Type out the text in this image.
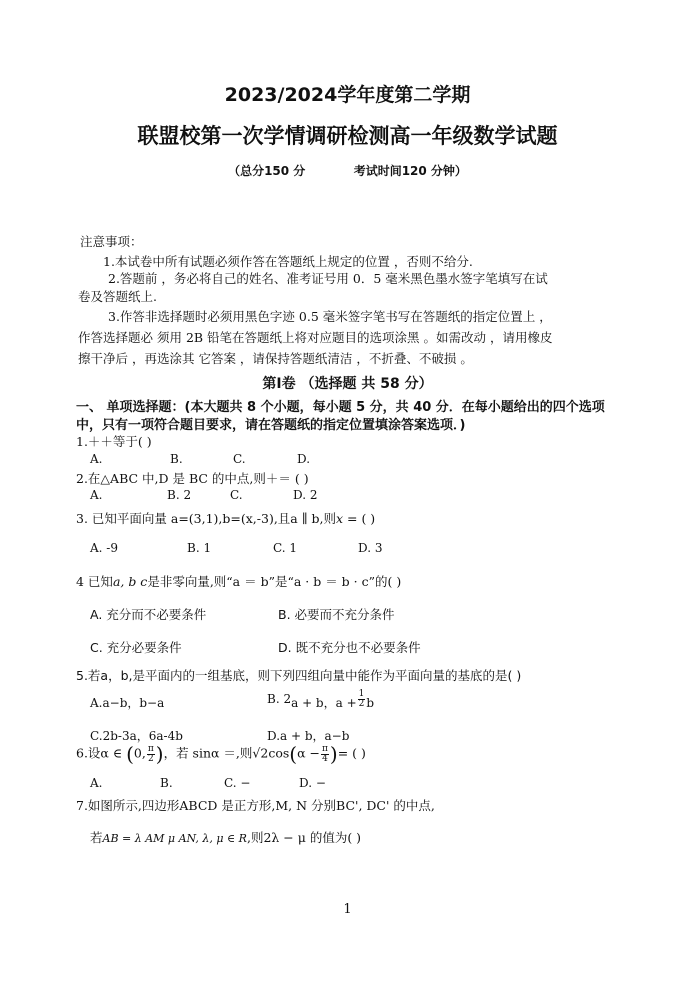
2023/2024学年度第二学期
联盟校第一次学情调研检测高一年级数学试题
（总分150 分	考试时间120 分钟）
注意事项：
1.本试卷中所有试题必须作答在答题纸上规定的位置 ，否则不给分.
2.答题前 ，务必将自己的姓名、准考证号用 0．5 毫米黑色墨水签字笔填写在试
卷及答题纸上.
3.作答非选择题时必须用黑色字迹 0.5 毫米签字笔书写在答题纸的指定位置上 ，
作答选择题必 须用 2B 铅笔在答题纸上将对应题目的选项涂黑 。如需改动 ，请用橡皮
擦干净后 ，再选涂其 它答案 ，请保持答题纸清洁 ，不折叠、不破损 。
第Ⅰ卷 （选择题 共 58 分）
一、 单项选择题：(本大题共 8 个小题，每小题 5 分，共 40 分．在每小题给出的四个选项
中，只有一项符合题目要求，请在答题纸的指定位置填涂答案选项．)
1.＋＋等于( )
A.	B.	C.	D.
2.在△ABC 中,D 是 BC 的中点,则＋＝ ( )
A.	B. 2	C.	D. 2
3. 已知平面向量 a=(3,1),b=(x,-3),且a ∥ b,则x = ( )
A. -9	B. 1	C. 1	D. 3
4 已知a, b c是非零向量,则“a ＝ b”是“a · b ＝ b · c”的( )
A. 充分而不必要条件	B. 必要而不充分条件
C. 充分必要条件	D. 既不充分也不必要条件
5.若a，b,是平面内的一组基底，则下列四组向量中能作为平面向量的基底的是( )
A.a−b，b−a	B. 2a + b，$a + \frac{1}{2}$ b
C.2b-3a，6a-4b	D.a + b，a−b
6.设α ∈ (0, $\frac{\pi}{2}$ )，若 sinα ＝,则$√2\cos(\alpha - \frac{\pi}{4}$ )= ( )
A.	B.	C. −	D. −
7.如图所示,四边形ABCD 是正方形,M, N 分别BC', DC' 的中点,
若AB = λ AM μ AN, λ, μ ∈ R,则2λ − μ 的值为( )
1
